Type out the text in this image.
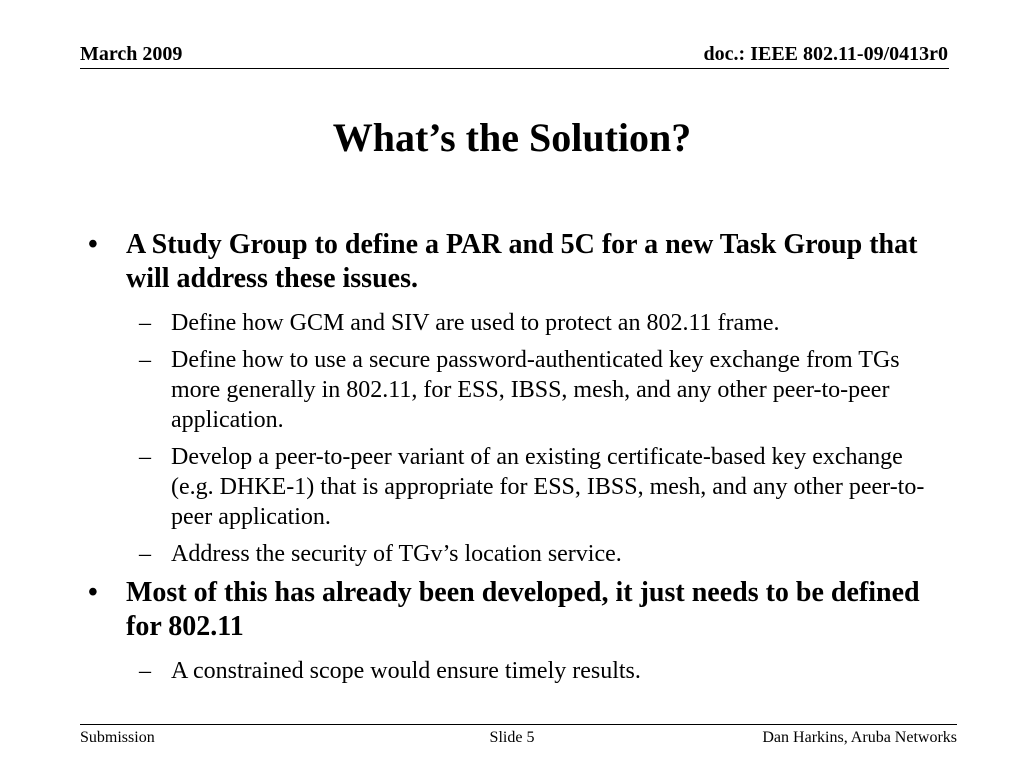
March 2009	doc.: IEEE 802.11-09/0413r0
What’s the Solution?
• A Study Group to define a PAR and 5C for a new Task Group that will address these issues.
– Define how GCM and SIV are used to protect an 802.11 frame.
– Define how to use a secure password-authenticated key exchange from TGs more generally in 802.11, for ESS, IBSS, mesh, and any other peer-to-peer application.
– Develop a peer-to-peer variant of an existing certificate-based key exchange (e.g. DHKE-1) that is appropriate for ESS, IBSS, mesh, and any other peer-to-peer application.
– Address the security of TGv’s location service.
• Most of this has already been developed, it just needs to be defined for 802.11
– A constrained scope would ensure timely results.
Submission	Slide 5	Dan Harkins, Aruba Networks
